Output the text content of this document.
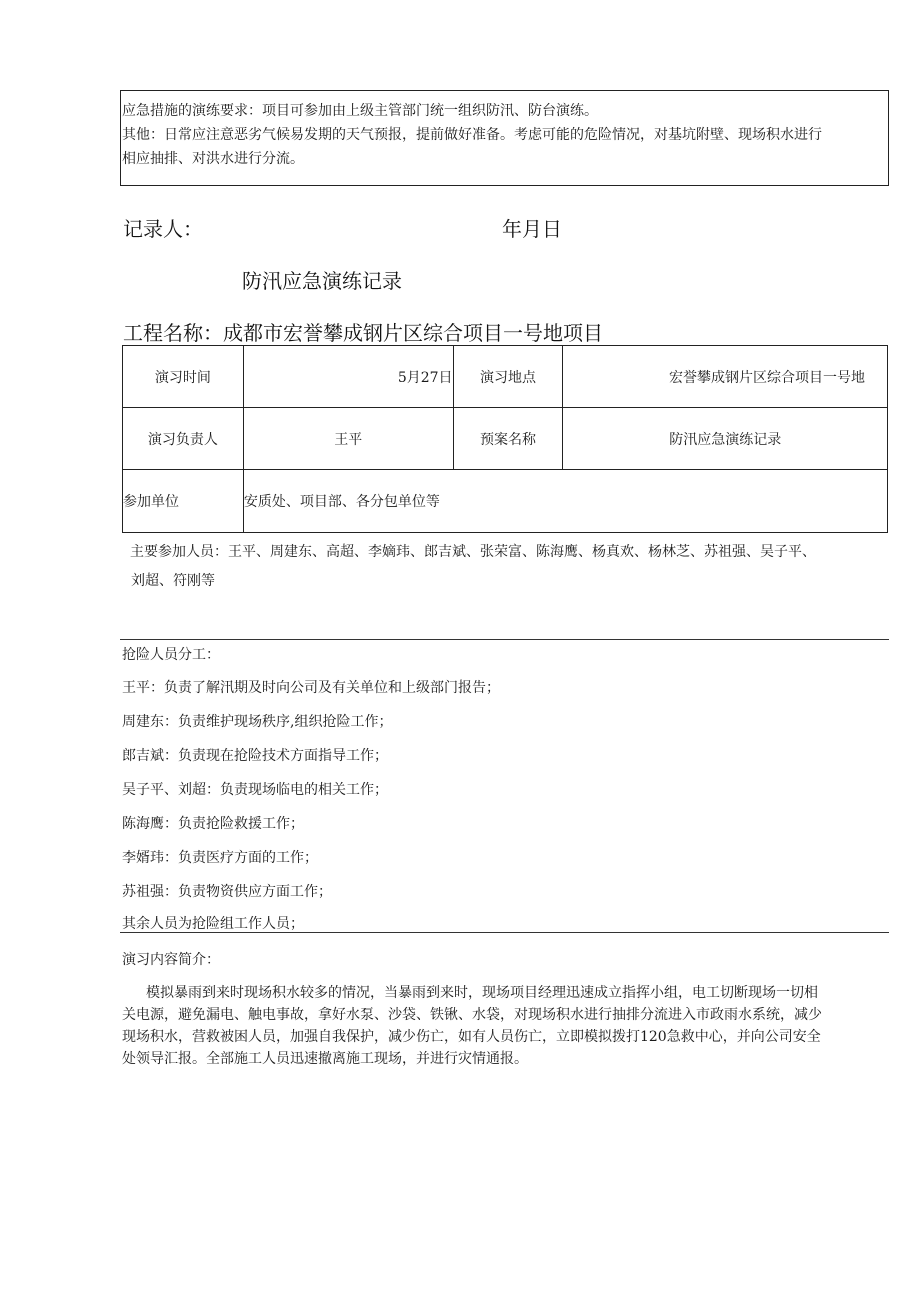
应急措施的演练要求：项目可参加由上级主管部门统一组织防汛、防台演练。

其他：日常应注意恶劣气候易发期的天气预报，提前做好准备。考虑可能的危险情况，对基坑附壁、现场积水进行

相应抽排、对洪水进行分流。

记录人：	年月日
防汛应急演练记录
工程名称：成都市宏誉攀成钢片区综合项目一号地项目
演习时间	5月27日	演习地点	宏誉攀成钢片区综合项目一号地
演习负责人	王平	预案名称	防汛应急演练记录
参加单位	安质处、项目部、各分包单位等		
主要参加人员：王平、周建东、高超、李嫡玮、郎吉斌、张荣富、陈海鹰、杨真欢、杨林芝、苏祖强、吴子平、
刘超、符刚等
抢险人员分工：
王平：负责了解汛期及时向公司及有关单位和上级部门报告；
周建东：负责维护现场秩序,组织抢险工作；
郎吉斌：负责现在抢险技术方面指导工作；
吴子平、刘超：负责现场临电的相关工作；
陈海鹰：负责抢险救援工作；
李婿玮：负责医疗方面的工作；
苏祖强：负责物资供应方面工作；
其余人员为抢险组工作人员；
演习内容简介：
模拟暴雨到来时现场积水较多的情况，当暴雨到来时，现场项目经理迅速成立指挥小组，电工切断现场一切相
关电源，避免漏电、触电事故，拿好水泵、沙袋、铁锹、水袋，对现场积水进行抽排分流进入市政雨水系统，减少
现场积水，营救被困人员，加强自我保护，减少伤亡，如有人员伤亡，立即模拟拨打120急救中心，并向公司安全
处领导汇报。全部施工人员迅速撤离施工现场，并进行灾情通报。
